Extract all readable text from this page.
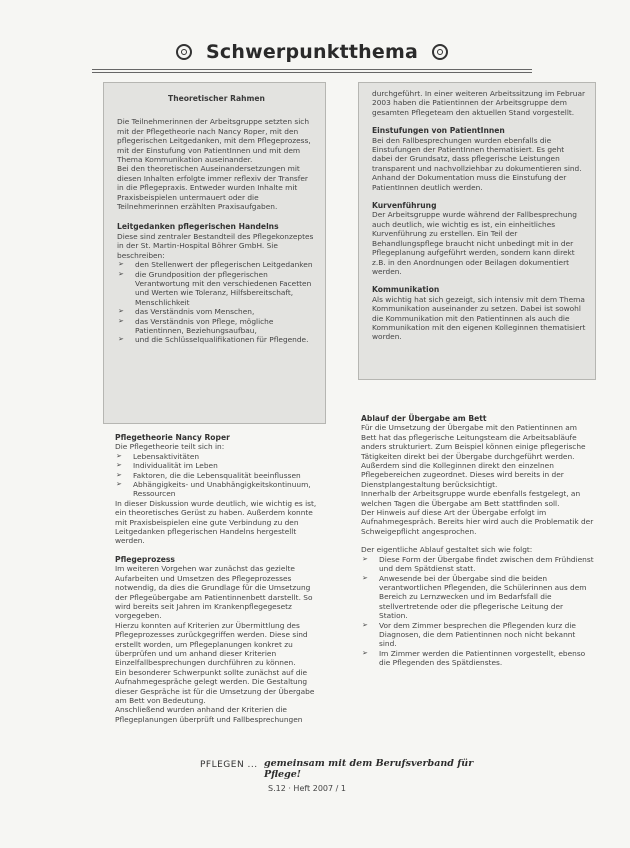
Schwerpunktthema
Theoretischer Rahmen

Die Teilnehmerinnen der Arbeitsgruppe setzten sich mit der Pflegetheorie nach Nancy Roper, mit den pflegerischen Leitgedanken, mit dem Pflegeprozess, mit der Einstufung von PatientInnen und mit dem Thema Kommunikation auseinander.

Bei den theoretischen Auseinandersetzungen mit diesen Inhalten erfolgte immer reflexiv der Transfer in die Pflegepraxis. Entweder wurden Inhalte mit Praxisbeispielen untermauert oder die Teilnehmerinnen erzählten Praxisaufgaben.

Leitgedanken pflegerischen Handelns

Diese sind zentraler Bestandteil des Pflegekonzeptes in der St. Martin-Hospital Böhrer GmbH. Sie beschreiben:

➢ den Stellenwert der pflegerischen Leitgedanken
➢ die Grundposition der pflegerischen Verantwortung mit den verschiedenen Facetten und Werten wie Toleranz, Hilfsbereitschaft, Menschlichkeit
➢ das Verständnis vom Menschen,
➢ das Verständnis von Pflege, mögliche Patientinnen, Beziehungsaufbau,
➢ und die Schlüsselqualifikationen für Pflegende.
Pflegetheorie Nancy Roper

Die Pflegetheorie teilt sich in:

➢ Lebensaktivitäten
➢ Individualität im Leben
➢ Faktoren, die die Lebensqualität beeinflussen
➢ Abhängigkeits- und Unabhängigkeitskontinuum, Ressourcen

In dieser Diskussion wurde deutlich, wie wichtig es ist, ein theoretisches Gerüst zu haben. Außerdem konnte mit Praxisbeispielen eine gute Verbindung zu den Leitgedanken pflegerischen Handelns hergestellt werden.

Pflegeprozess

Im weiteren Vorgehen war zunächst das gezielte Aufarbeiten und Umsetzen des Pflegeprozesses notwendig, da dies die Grundlage für die Umsetzung der Pflegeübergabe am Patientinnenbett darstellt. So wird bereits seit Jahren im Krankenpflegegesetz vorgegeben.

Hierzu konnten auf Kriterien zur Übermittlung des Pflegeprozesses zurückgegriffen werden. Diese sind erstellt worden, um Pflegeplanungen konkret zu überprüfen und um anhand dieser Kriterien Einzelfallbesprechungen durchführen zu können.

Ein besonderer Schwerpunkt sollte zunächst auf die Aufnahmegespräche gelegt werden. Die Gestaltung dieser Gespräche ist für die Umsetzung der Übergabe am Bett von Bedeutung.

Anschließend wurden anhand der Kriterien die Pflegeplanungen überprüft und Fallbesprechungen

durchgeführt. In einer weiteren Arbeitssitzung im Februar 2003 haben die Patientinnen der Arbeitsgruppe dem gesamten Pflegeteam den aktuellen Stand vorgestellt.

Einstufungen von PatientInnen

Bei den Fallbesprechungen wurden ebenfalls die Einstufungen der PatientInnen thematisiert. Es geht dabei der Grundsatz, dass pflegerische Leistungen transparent und nachvollziehbar zu dokumentieren sind. Anhand der Dokumentation muss die Einstufung der PatientInnen deutlich werden.

Kurvenführung

Der Arbeitsgruppe wurde während der Fallbesprechung auch deutlich, wie wichtig es ist, ein einheitliches Kurvenführung zu erstellen. Ein Teil der Behandlungspflege braucht nicht unbedingt mit in der Pflegeplanung aufgeführt werden, sondern kann direkt z.B. in den Anordnungen oder Beilagen dokumentiert werden.

Kommunikation

Als wichtig hat sich gezeigt, sich intensiv mit dem Thema Kommunikation auseinander zu setzen. Dabei ist sowohl die Kommunikation mit den Patientinnen als auch die Kommunikation mit den eigenen Kolleginnen thematisiert worden.

Ablauf der Übergabe am Bett

Für die Umsetzung der Übergabe mit den Patientinnen am Bett hat das pflegerische Leitungsteam die Arbeitsabläufe anders strukturiert. Zum Beispiel können einige pflegerische Tätigkeiten direkt bei der Übergabe durchgeführt werden. Außerdem sind die Kolleginnen direkt den einzelnen Pflegebereichen zugeordnet. Dieses wird bereits in der Dienstplangestaltung berücksichtigt.

Innerhalb der Arbeitsgruppe wurde ebenfalls festgelegt, an welchen Tagen die Übergabe am Bett stattfinden soll.

Der Hinweis auf diese Art der Übergabe erfolgt im Aufnahmegespräch. Bereits hier wird auch die Problematik der Schweigepflicht angesprochen.

Der eigentliche Ablauf gestaltet sich wie folgt:

➢ Diese Form der Übergabe findet zwischen dem Frühdienst und dem Spätdienst statt.
➢ Anwesende bei der Übergabe sind die beiden verantwortlichen Pflegenden, die Schülerinnen aus dem Bereich zu Lernzwecken und im Bedarfsfall die stellvertretende oder die pflegerische Leitung der Station.
➢ Vor dem Zimmer besprechen die Pflegenden kurz die Diagnosen, die dem Patientinnen noch nicht bekannt sind.
➢ Im Zimmer werden die Patientinnen vorgestellt, ebenso die Pflegenden des Spätdienstes.
PFLEGEN ... gemeinsam mit dem Berufsverband für Pflege!
S.12 · Heft 2007 / 1
